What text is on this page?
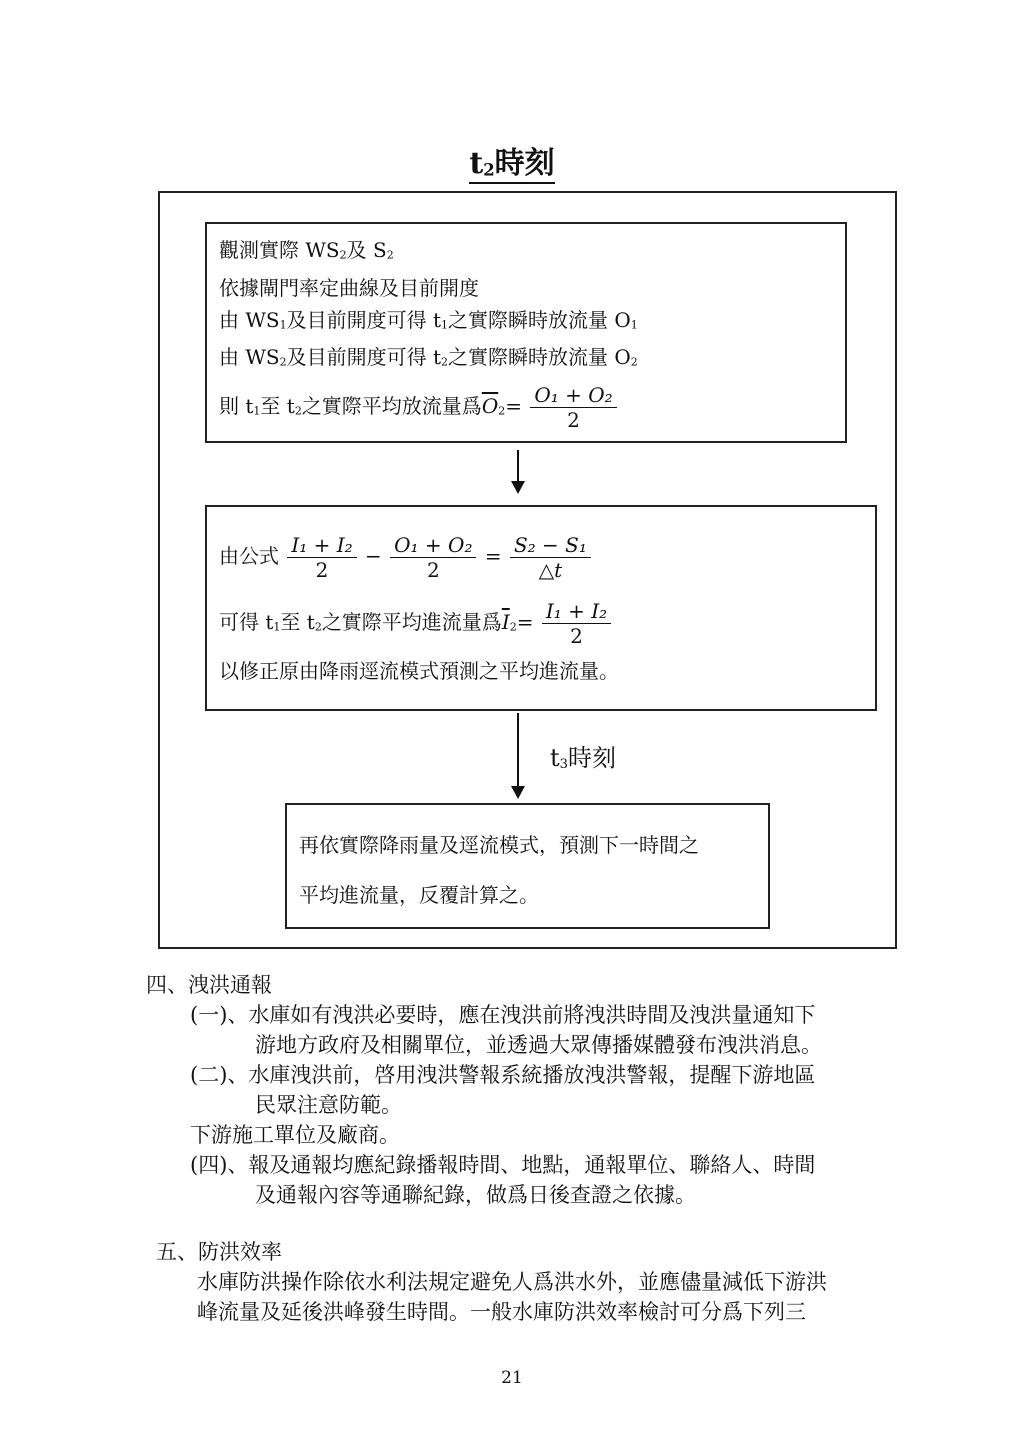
$t_2$時刻
觀測實際 $WS_2$及 $S_2$
依據閘門率定曲線及目前開度
由 $WS_1$及目前開度可得 $t_1$之實際瞬時放流量 $O_1$
由 $WS_2$及目前開度可得 $t_2$之實際瞬時放流量 $O_2$
則 $t_1$至 $t_2$之實際平均放流量爲$\overline{O}_2= \frac{\text{O₁ + O₂}}{2}$
由公式 $\frac{\text{I₁ + I₂}}{2} - \frac{\text{O₁ + O₂}}{2} = \frac{\text{S₂ − S₁}}{\triangle t}$
可得 $t_1$至 $t_2$之實際平均進流量爲$\overline{I}_2= \frac{\text{I₁ + I₂}}{2}$
以修正原由降雨逕流模式預測之平均進流量。
$t_3$時刻
再依實際降雨量及逕流模式，預測下一時間之
平均進流量，反覆計算之。
四、洩洪通報
(一)、水庫如有洩洪必要時，應在洩洪前將洩洪時間及洩洪量通知下
游地方政府及相關單位，並透過大眾傳播媒體發布洩洪消息。
(二)、水庫洩洪前，啓用洩洪警報系統播放洩洪警報，提醒下游地區
民眾注意防範。
下游施工單位及廠商。
(四)、報及通報均應紀錄播報時間、地點，通報單位、聯絡人、時間
及通報內容等通聯紀錄，做爲日後查證之依據。
五、防洪效率
水庫防洪操作除依水利法規定避免人爲洪水外，並應儘量減低下游洪
峰流量及延後洪峰發生時間。一般水庫防洪效率檢討可分爲下列三
21
